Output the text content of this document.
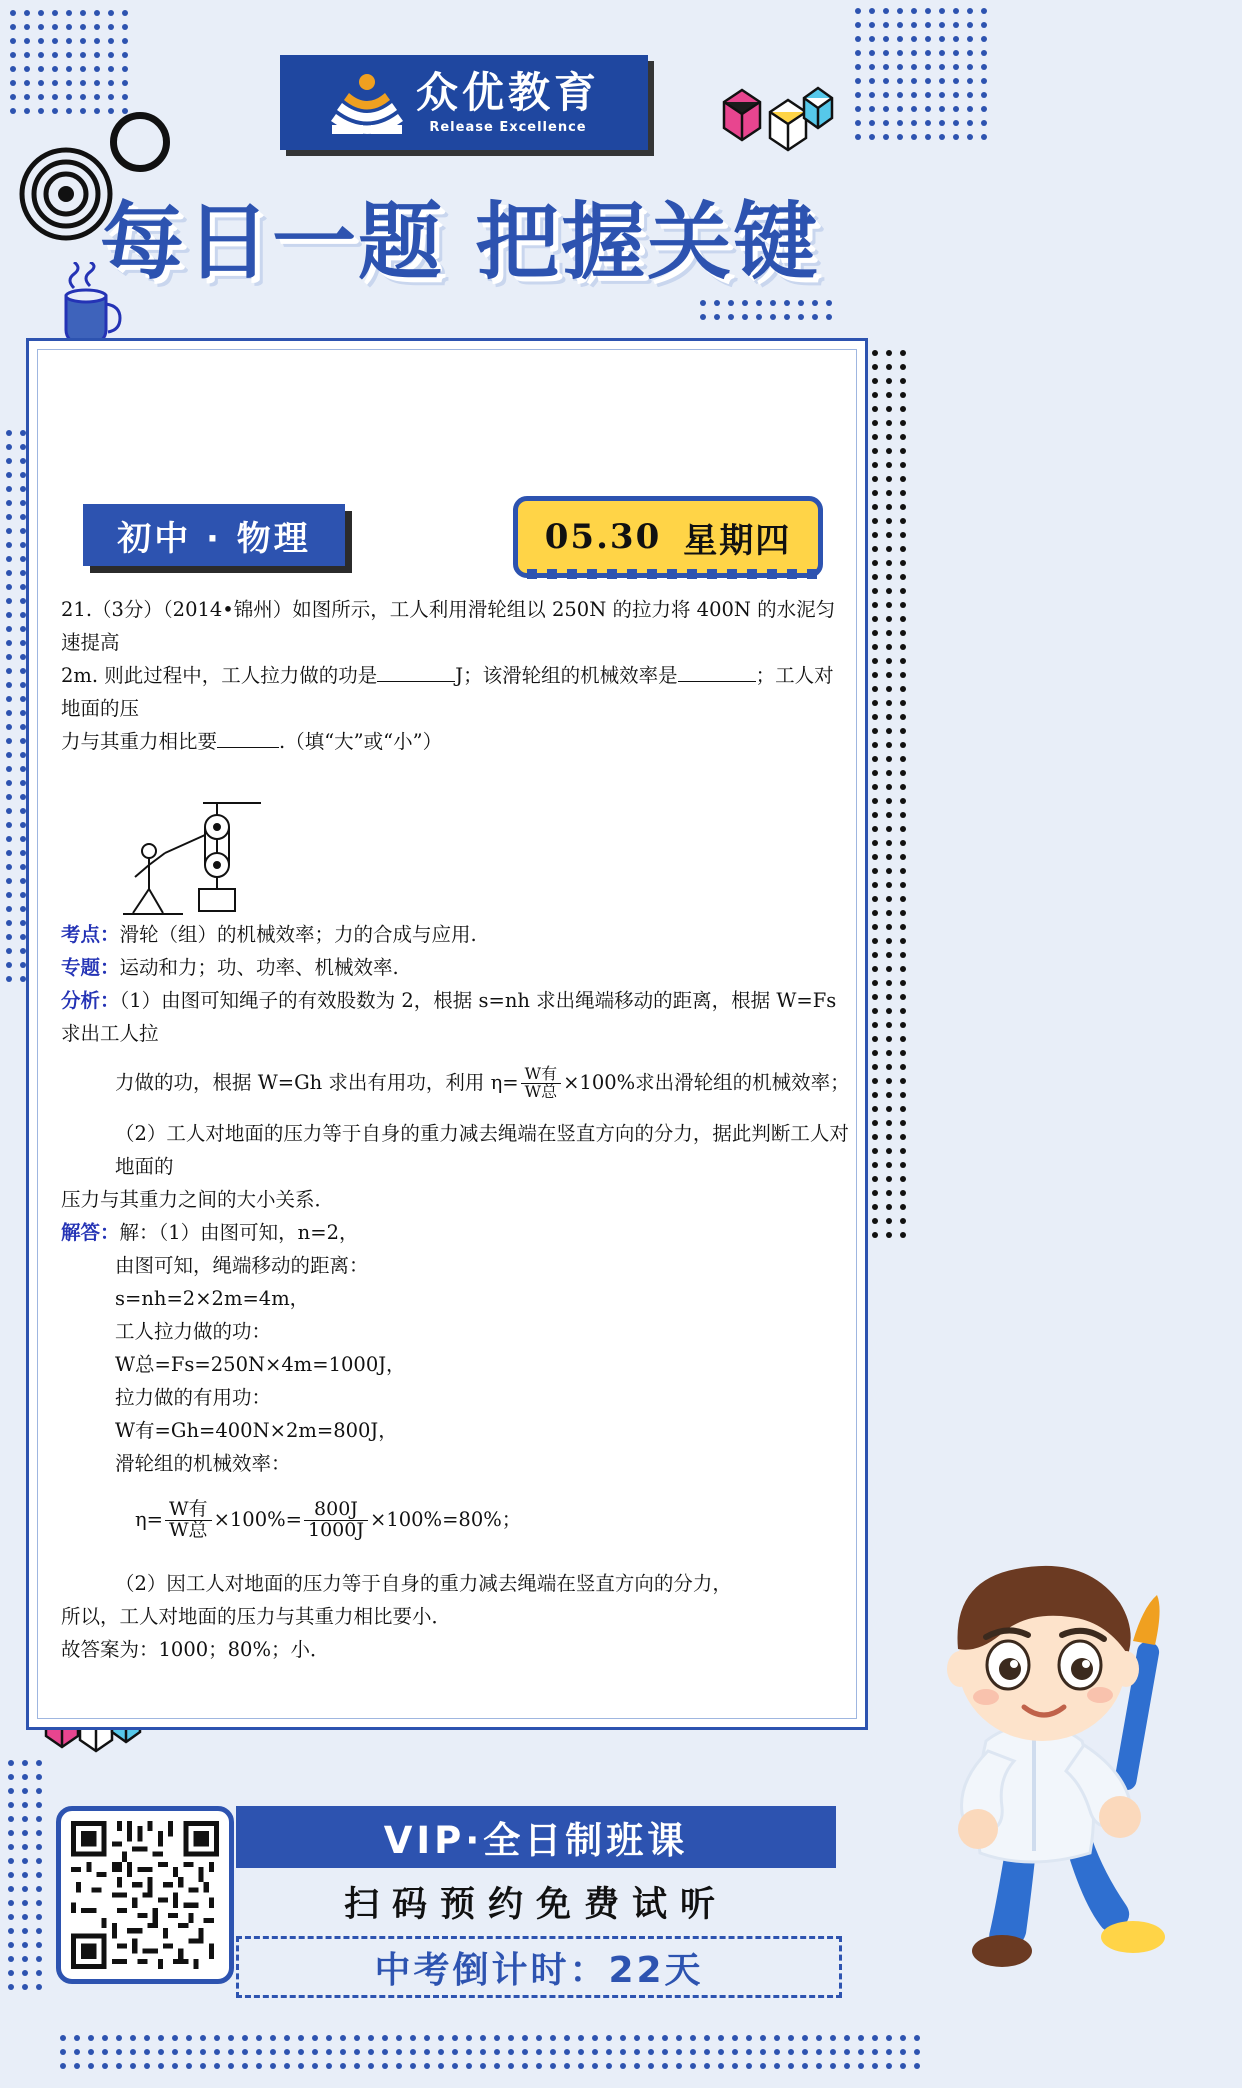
众优教育
Release Excellence
每日一题 把握关键
初中 · 物理	05.30 星期四

21.（3分）（2014•锦州）如图所示，工人利用滑轮组以 250N 的拉力将 400N 的水泥匀速提高

2m. 则此过程中，工人拉力做的功是	J；该滑轮组的机械效率是	；工人对地面的压

力与其重力相比要	.（填“大”或“小”）

考点：滑轮（组）的机械效率；力的合成与应用.

专题：运动和力；功、功率、机械效率.

分析：（1）由图可知绳子的有效股数为 2，根据 s=nh 求出绳端移动的距离，根据 W=Fs 求出工人拉

力做的功，根据 W=Gh 求出有用功，利用 $\eta= \frac{\text{W有}}{\text{W总}} \times 100\%$求出滑轮组的机械效率；

（2）工人对地面的压力等于自身的重力减去绳端在竖直方向的分力，据此判断工人对地面的

压力与其重力之间的大小关系．

解答：解：（1）由图可知，n=2，

由图可知，绳端移动的距离：

s=nh=2×2m=4m，

工人拉力做的功：

W总=Fs=250N×4m=1000J，

拉力做的有用功：

W有=Gh=400N×2m=800J，

滑轮组的机械效率：

$\eta= \frac{\text{W有}}{\text{W总}} \times 100\%= \frac{800J}{1000J} \times 100\%=80\%$；

（2）因工人对地面的压力等于自身的重力减去绳端在竖直方向的分力，

所以，工人对地面的压力与其重力相比要小．

故答案为：1000；80%；小．

VIP·全日制班课
扫码预约免费试听
中考倒计时： 22天
